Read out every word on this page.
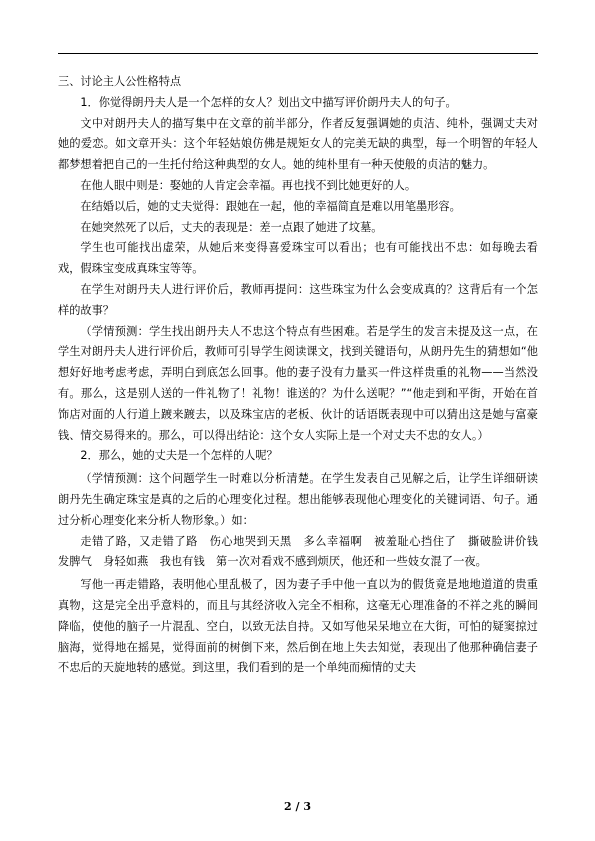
三、讨论主人公性格特点

1．你觉得朗丹夫人是一个怎样的女人？划出文中描写评价朗丹夫人的句子。

文中对朗丹夫人的描写集中在文章的前半部分，作者反复强调她的贞洁、纯朴，强调丈夫对她的爱恋。如文章开头：这个年轻姑娘仿佛是规矩女人的完美无缺的典型，每一个明智的年轻人都梦想着把自己的一生托付给这种典型的女人。她的纯朴里有一种天使般的贞洁的魅力。

在他人眼中则是：娶她的人肯定会幸福。再也找不到比她更好的人。

在结婚以后，她的丈夫觉得：跟她在一起，他的幸福简直是难以用笔墨形容。

在她突然死了以后，丈夫的表现是：差一点跟了她进了坟墓。

学生也可能找出虚荣，从她后来变得喜爱珠宝可以看出；也有可能找出不忠：如每晚去看戏，假珠宝变成真珠宝等等。

在学生对朗丹夫人进行评价后，教师再提问：这些珠宝为什么会变成真的？这背后有一个怎样的故事？

（学情预测：学生找出朗丹夫人不忠这个特点有些困难。若是学生的发言未提及这一点，在学生对朗丹夫人进行评价后，教师可引导学生阅读课文，找到关键语句，从朗丹先生的猜想如“他想好好地考虑考虑，弄明白到底怎么回事。他的妻子没有力量买一件这样贵重的礼物——当然没有。那么，这是别人送的一件礼物了！礼物！谁送的？为什么送呢？”“他走到和平街，开始在首饰店对面的人行道上踱来踱去，以及珠宝店的老板、伙计的话语既表现中可以猜出这是她与富豪钱、情交易得来的。那么，可以得出结论：这个女人实际上是一个对丈夫不忠的女人。）

2．那么，她的丈夫是一个怎样的人呢？

（学情预测：这个问题学生一时难以分析清楚。在学生发表自己见解之后，让学生详细研读朗丹先生确定珠宝是真的之后的心理变化过程。想出能够表现他心理变化的关键词语、句子。通过分析心理变化来分析人物形象。）如：

走错了路，又走错了路　伤心地哭到天黑　多么幸福啊　被羞耻心挡住了　撕破脸讲价钱　发脾气　身轻如燕　我也有钱　第一次对看戏不感到烦厌，他还和一些妓女混了一夜。

写他一再走错路，表明他心里乱极了，因为妻子手中他一直以为的假货竟是地地道道的贵重真物，这是完全出乎意料的，而且与其经济收入完全不相称，这毫无心理准备的不祥之兆的瞬间降临，使他的脑子一片混乱、空白，以致无法自持。又如写他呆呆地立在大街，可怕的疑窦掠过脑海，觉得地在摇晃，觉得面前的树倒下来，然后倒在地上失去知觉，表现出了他那种确信妻子不忠后的天旋地转的感觉。到这里，我们看到的是一个单纯而痴情的丈夫

2 / 3
